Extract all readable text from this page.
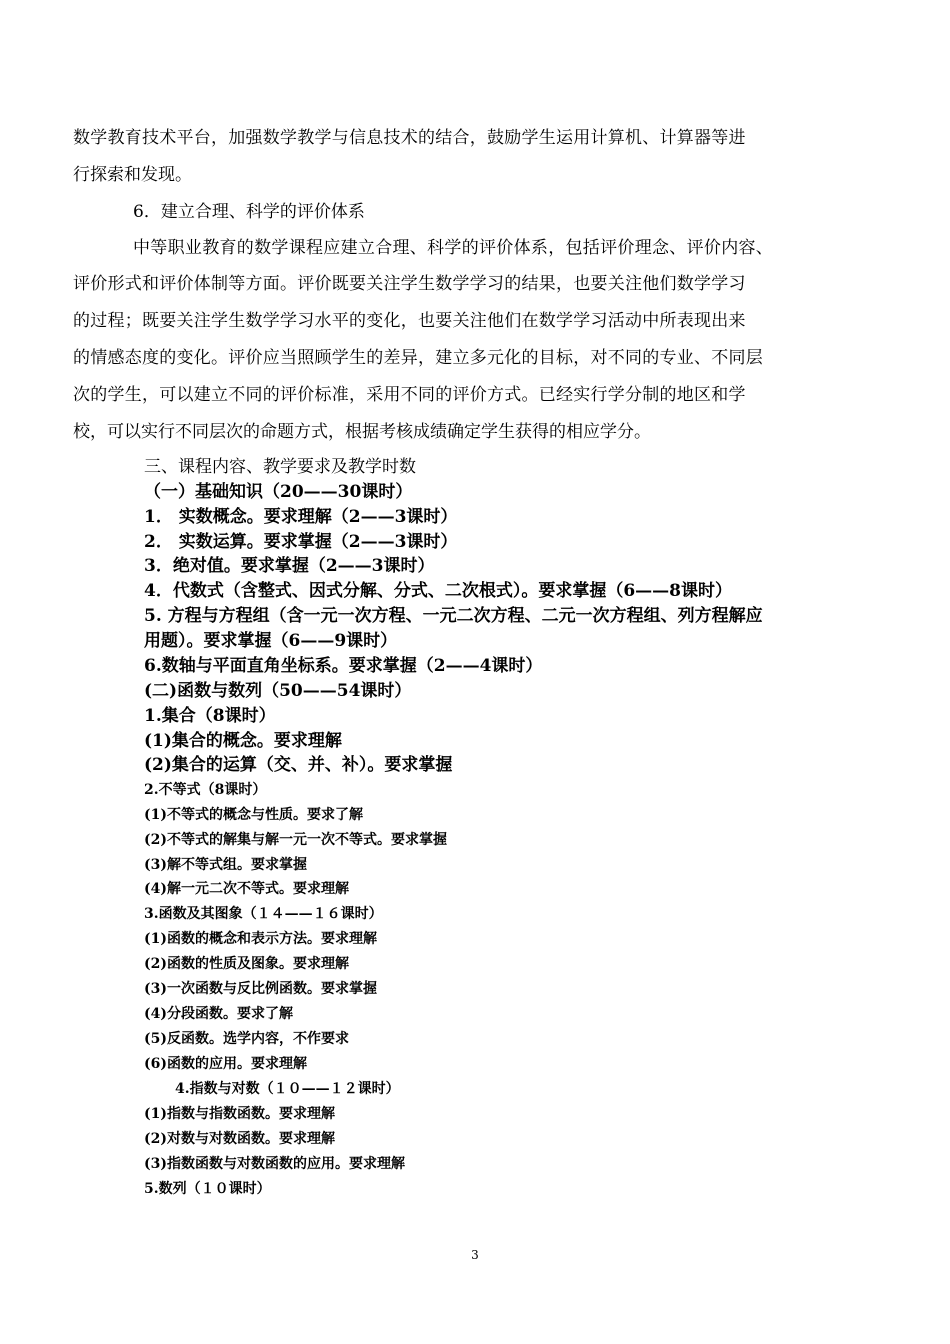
数学教育技术平台，加强数学教学与信息技术的结合，鼓励学生运用计算机、计算器等进
行探索和发现。
6．建立合理、科学的评价体系
中等职业教育的数学课程应建立合理、科学的评价体系，包括评价理念、评价内容、
评价形式和评价体制等方面。评价既要关注学生数学学习的结果，也要关注他们数学学习
的过程；既要关注学生数学学习水平的变化，也要关注他们在数学学习活动中所表现出来
的情感态度的变化。评价应当照顾学生的差异，建立多元化的目标，对不同的专业、不同层
次的学生，可以建立不同的评价标准，采用不同的评价方式。已经实行学分制的地区和学
校，可以实行不同层次的命题方式，根据考核成绩确定学生获得的相应学分。
三、课程内容、教学要求及教学时数
（一）基础知识（20——30课时）
1． 实数概念。要求理解（2——3课时）
2． 实数运算。要求掌握（2——3课时）
3．绝对值。要求掌握（2——3课时）
4．代数式（含整式、因式分解、分式、二次根式）。要求掌握（6——8课时）
5. 方程与方程组（含一元一次方程、一元二次方程、二元一次方程组、列方程解应
用题）。要求掌握（6——9课时）
6.数轴与平面直角坐标系。要求掌握（2——4课时）
(二)函数与数列（50——54课时）
1.集合（8课时）
(1)集合的概念。要求理解
(2)集合的运算（交、并、补）。要求掌握
2.不等式（8课时）
(1)不等式的概念与性质。要求了解
(2)不等式的解集与解一元一次不等式。要求掌握
(3)解不等式组。要求掌握
(4)解一元二次不等式。要求理解
3.函数及其图象（１４——１６课时）
(1)函数的概念和表示方法。要求理解
(2)函数的性质及图象。要求理解
(3)一次函数与反比例函数。要求掌握
(4)分段函数。要求了解
(5)反函数。选学内容，不作要求
(6)函数的应用。要求理解
4.指数与对数（１０——１２课时）
(1)指数与指数函数。要求理解
(2)对数与对数函数。要求理解
(3)指数函数与对数函数的应用。要求理解
5.数列（１０课时）
3
